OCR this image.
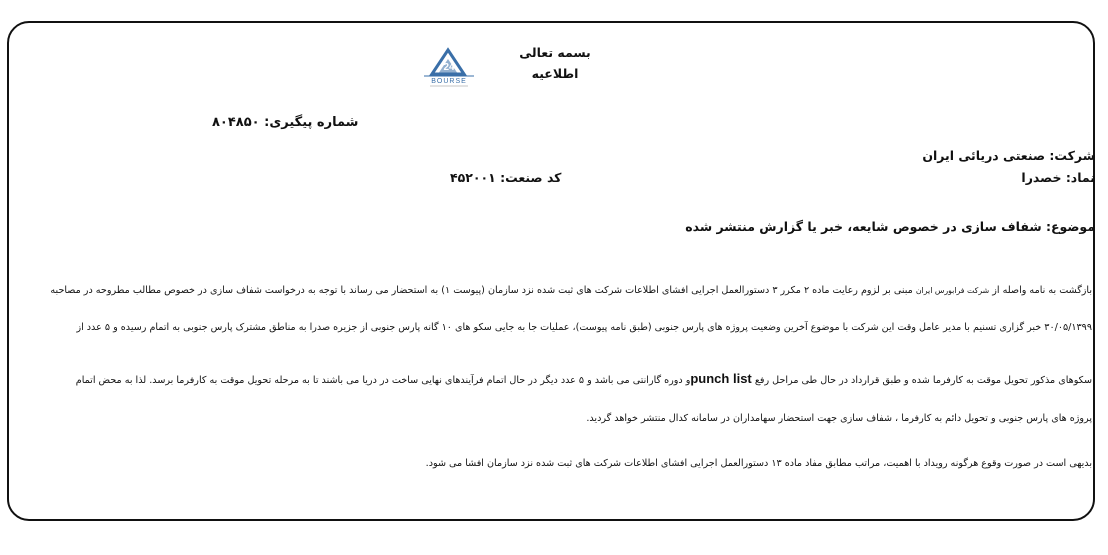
24
BOURSE
بسمه تعالی
اطلاعیه
شماره پیگیری: ۸۰۴۸۵۰
شرکت: صنعتی دریائی ایران
نماد: خصدرا
کد صنعت: ۴۵۲۰۰۱
موضوع: شفاف سازی در خصوص شایعه، خبر یا گزارش منتشر شده
بازگشت به نامه واصله از شرکت فرابورس ایران مبنی بر لزوم رعایت ماده ۲ مکرر ۳ دستورالعمل اجرایی افشای اطلاعات شرکت های ثبت شده نزد سازمان (پیوست ۱) به استحضار می رساند با توجه به درخواست شفاف سازی در خصوص مطالب مطروحه در مصاحبه
۳۰/۰۵/۱۳۹۹ خبر گزاری تسنیم با مدیر عامل وقت این شرکت با موضوع آخرین وضعیت پروژه های پارس جنوبی (طبق نامه پیوست)، عملیات جا به جایی سکو های ۱۰ گانه پارس جنوبی از جزیره صدرا به مناطق مشترک پارس جنوبی به اتمام رسیده و ۵ عدد از
سکوهای مذکور تحویل موقت به کارفرما شده و طبق قرارداد در حال طی مراحل رفع punch listو دوره گارانتی می باشد و ۵ عدد دیگر در حال اتمام فرآیندهای نهایی ساخت در دریا می باشند تا به مرحله تحویل موقت به کارفرما برسد. لذا به محض اتمام
پروژه های پارس جنوبی و تحویل دائم به کارفرما ، شفاف سازی جهت استحضار سهامداران در سامانه کدال منتشر خواهد گردید.
بدیهی است در صورت وقوع هرگونه رویداد با اهمیت، مراتب مطابق مفاد ماده ۱۳ دستورالعمل اجرایی افشای اطلاعات شرکت های ثبت شده نزد سازمان افشا می شود.
